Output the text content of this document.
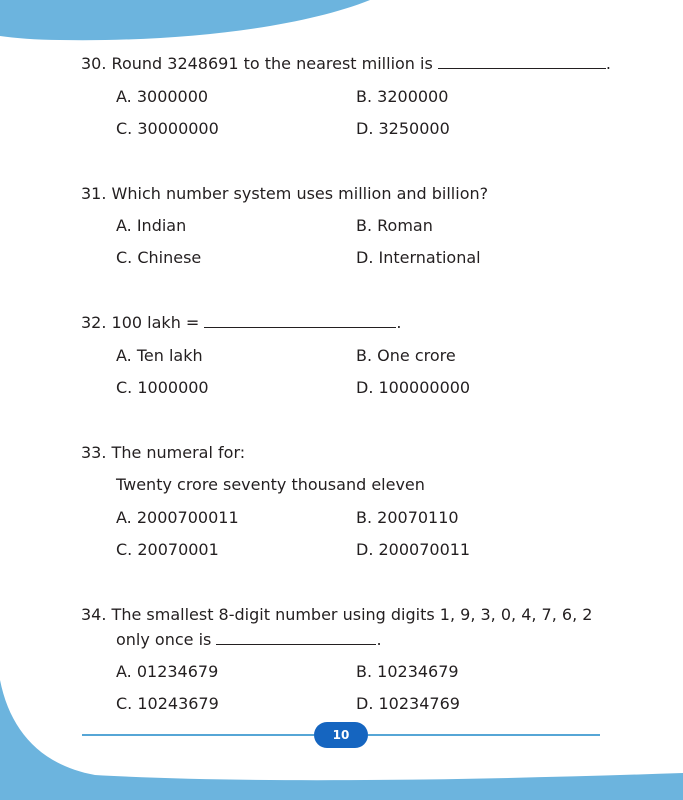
30. Round 3248691 to the nearest million is	.
A. 3000000	B. 3200000
C. 30000000	D. 3250000
31. Which number system uses million and billion?
A. Indian	B. Roman
C. Chinese	D. International
32. 100 lakh =	.
A. Ten lakh	B. One crore
C. 1000000	D. 100000000
33. The numeral for:
Twenty crore seventy thousand eleven
A. 2000700011	B. 20070110
C. 20070001	D. 200070011
34. The smallest 8-digit number using digits 1, 9, 3, 0, 4, 7, 6, 2
only once is	.
A. 01234679	B. 10234679
C. 10243679	D. 10234769
10
